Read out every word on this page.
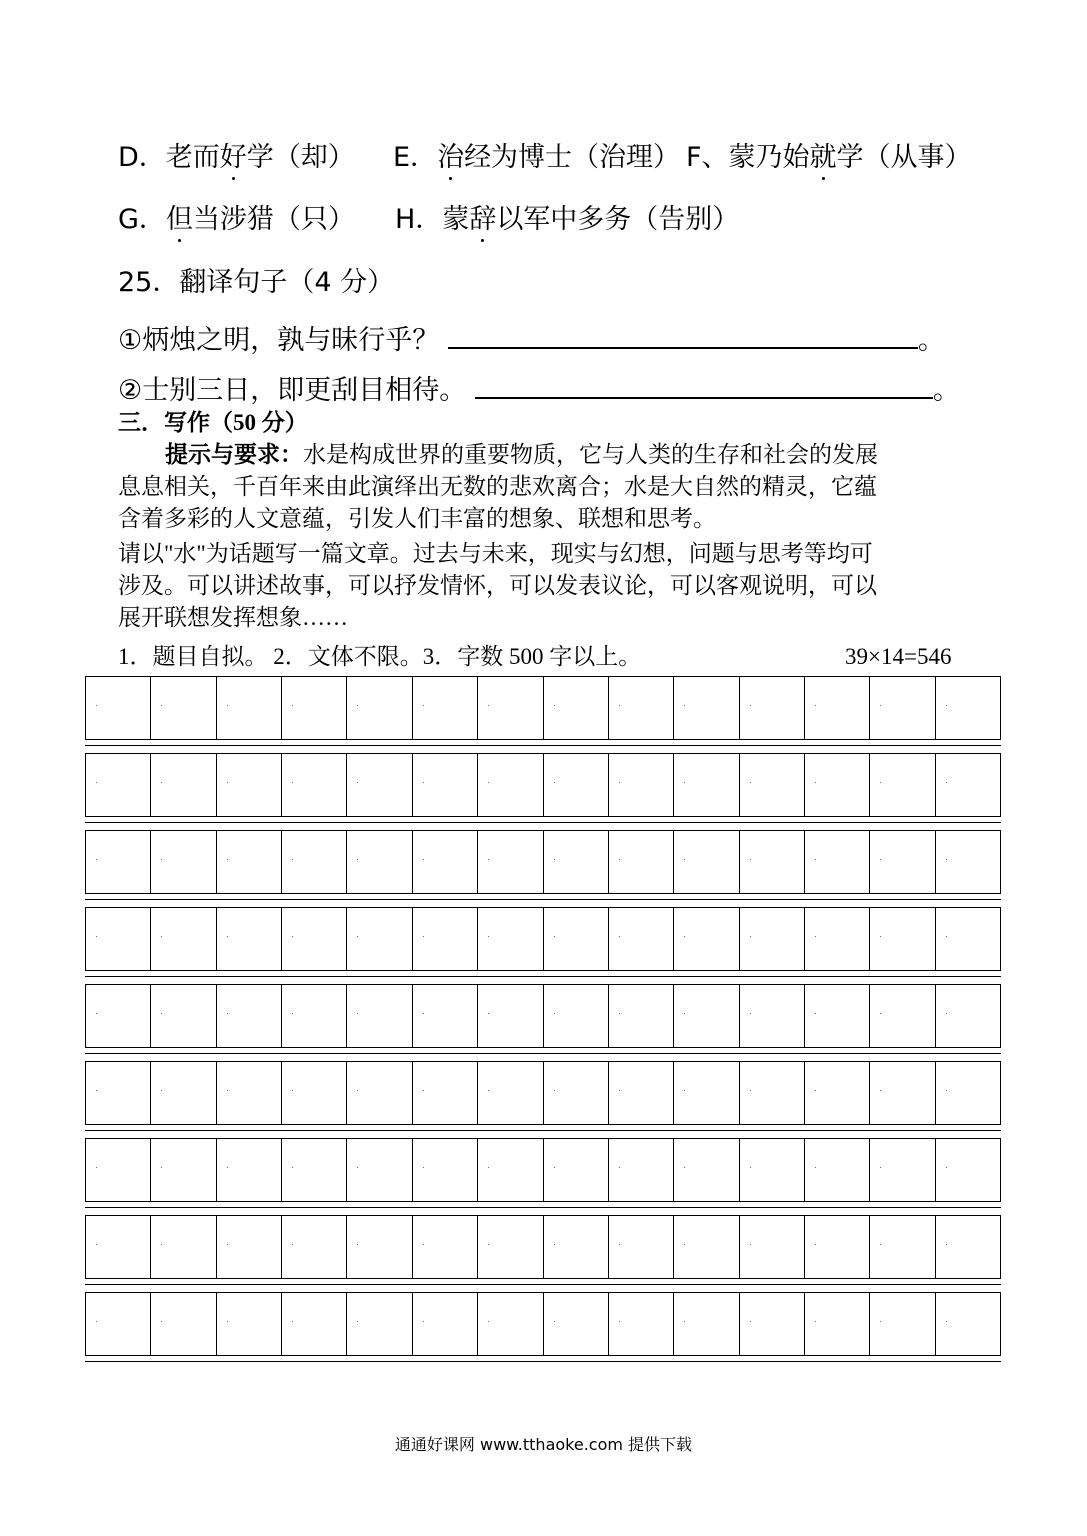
D．老而好学（却） E．治经为博士（治理） F、蒙乃始就学（从事）
G．但当涉猎（只） H．蒙辞以军中多务（告别）
25．翻译句子（4 分）
①炳烛之明，孰与昧行乎？	。
②士别三日，即更刮目相待。	。
三．写作（50 分）
提示与要求：水是构成世界的重要物质，它与人类的生存和社会的发展
息息相关，千百年来由此演绎出无数的悲欢离合；水是大自然的精灵，它蕴
含着多彩的人文意蕴，引发人们丰富的想象、联想和思考。
请以"水"为话题写一篇文章。过去与未来，现实与幻想，问题与思考等均可
涉及。可以讲述故事，可以抒发情怀，可以发表议论，可以客观说明，可以
展开联想发挥想象……
1．题目自拟。 2．文体不限。3．字数 500 字以上。	39×14=546
通通好课网 www.tthaoke.com 提供下载
